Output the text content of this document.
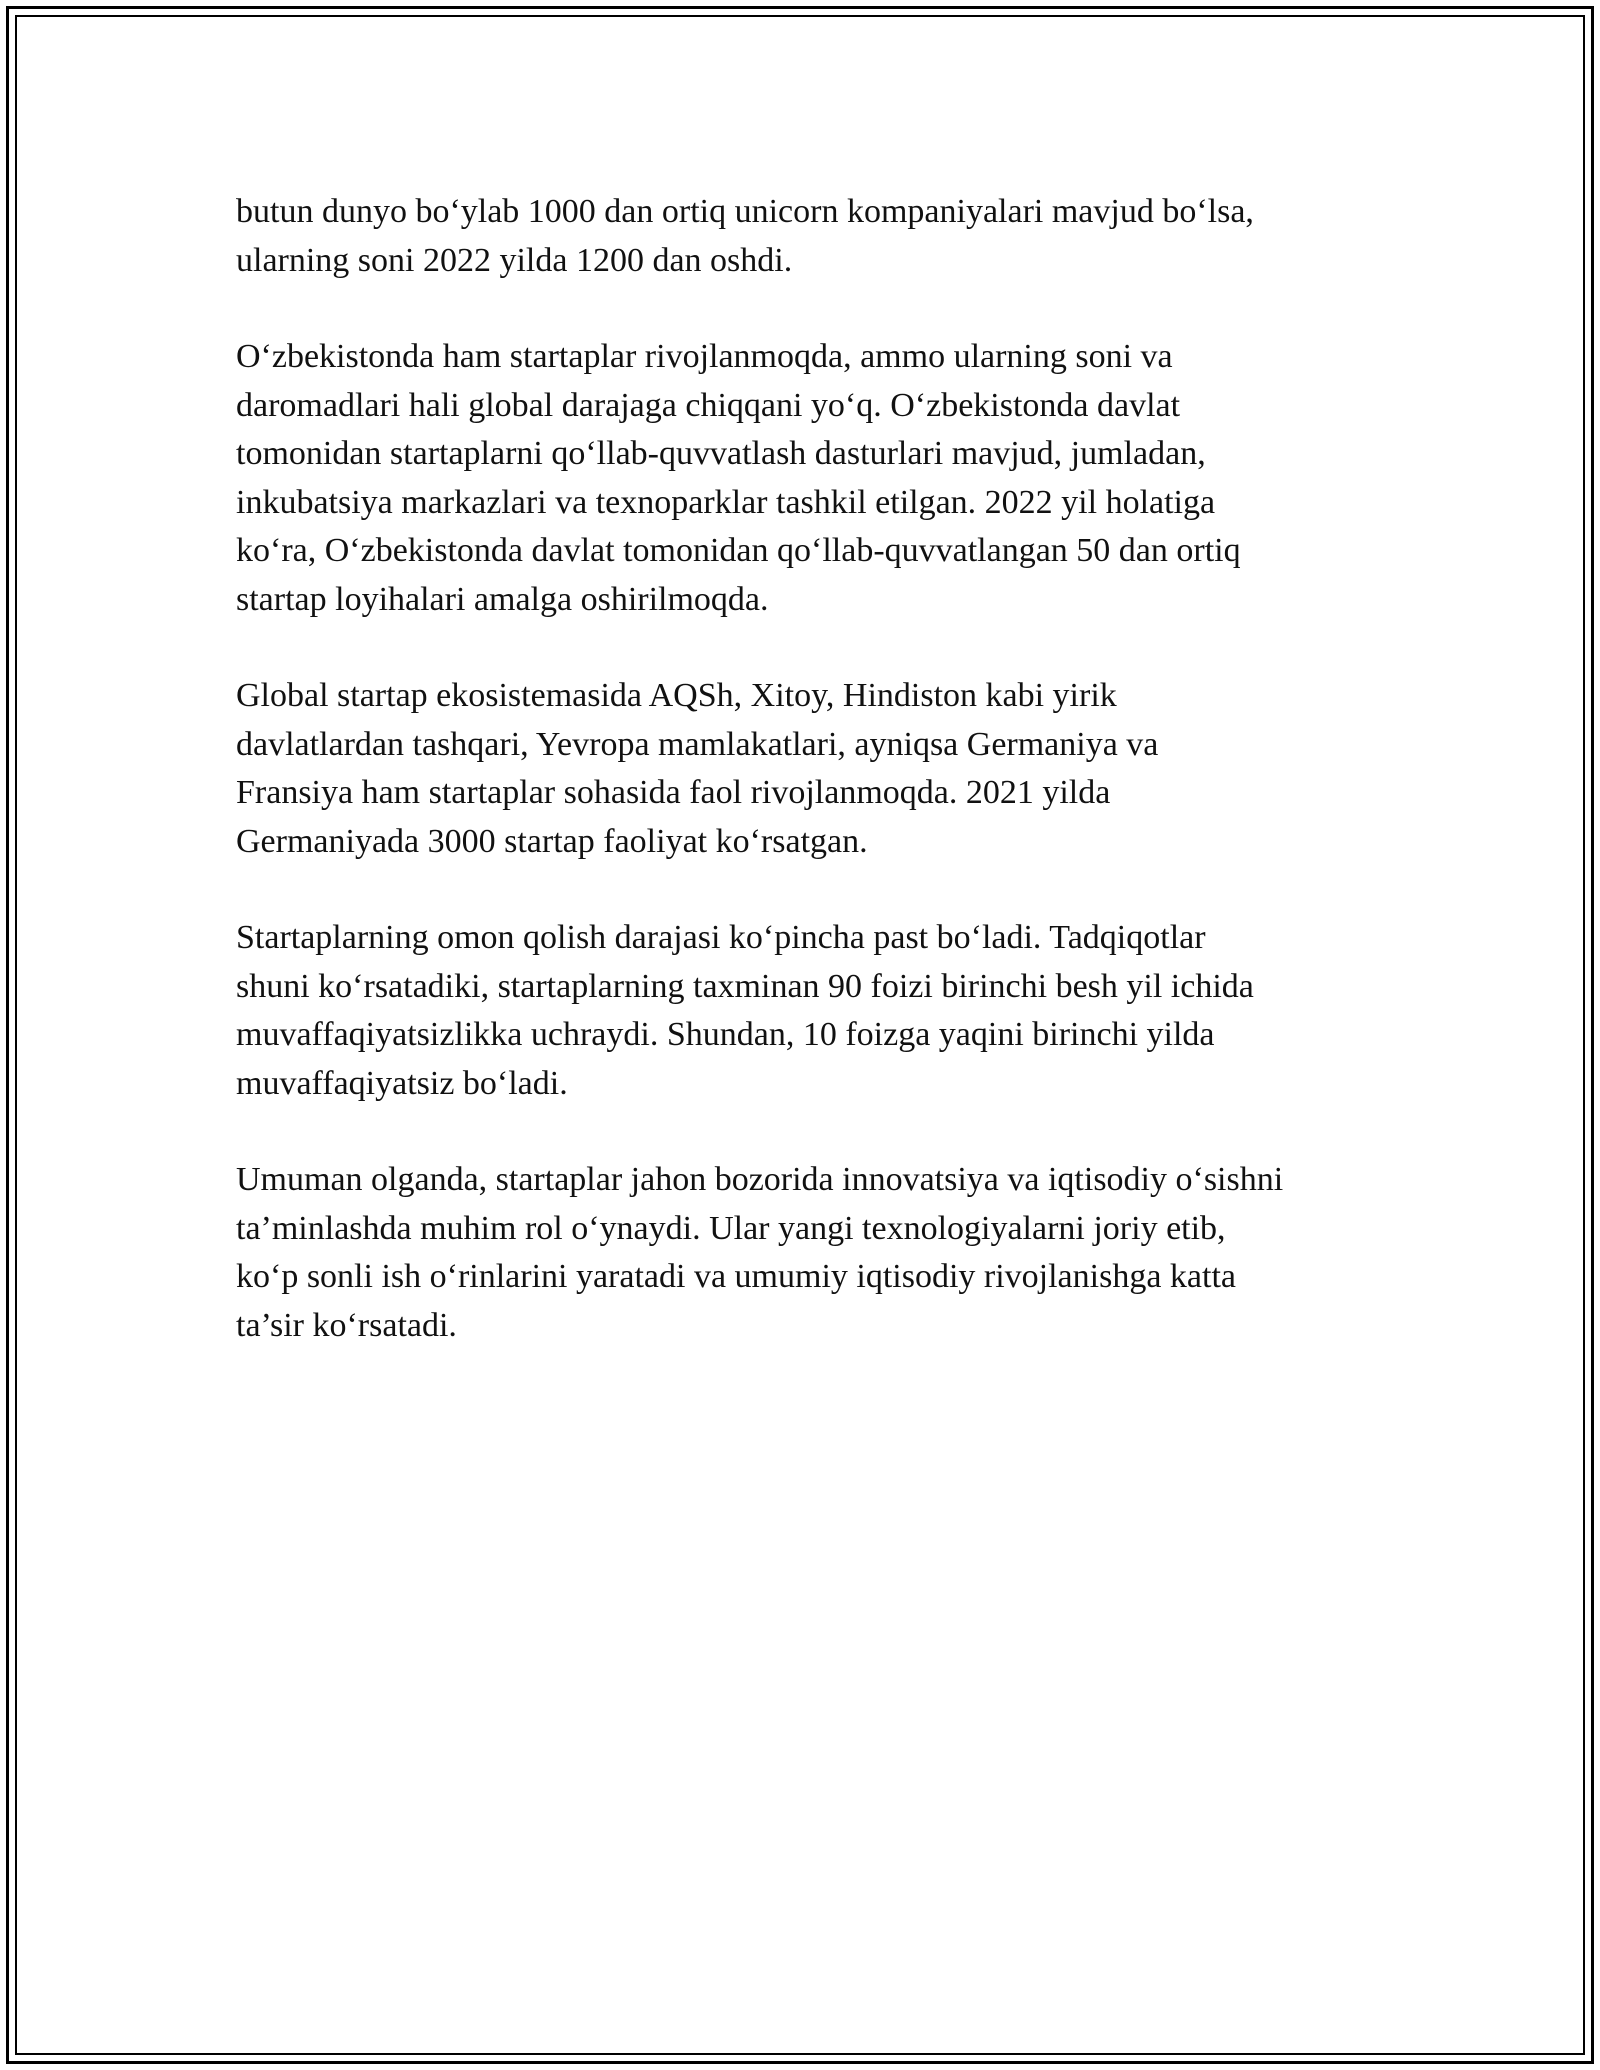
butun dunyo bo‘ylab 1000 dan ortiq unicorn kompaniyalari mavjud bo‘lsa,
ularning soni 2022 yilda 1200 dan oshdi.

O‘zbekistonda ham startaplar rivojlanmoqda, ammo ularning soni va
daromadlari hali global darajaga chiqqani yo‘q. O‘zbekistonda davlat
tomonidan startaplarni qo‘llab-quvvatlash dasturlari mavjud, jumladan,
inkubatsiya markazlari va texnoparklar tashkil etilgan. 2022 yil holatiga
ko‘ra, O‘zbekistonda davlat tomonidan qo‘llab-quvvatlangan 50 dan ortiq
startap loyihalari amalga oshirilmoqda.

Global startap ekosistemasida AQSh, Xitoy, Hindiston kabi yirik
davlatlardan tashqari, Yevropa mamlakatlari, ayniqsa Germaniya va
Fransiya ham startaplar sohasida faol rivojlanmoqda. 2021 yilda
Germaniyada 3000 startap faoliyat ko‘rsatgan.

Startaplarning omon qolish darajasi ko‘pincha past bo‘ladi. Tadqiqotlar
shuni ko‘rsatadiki, startaplarning taxminan 90 foizi birinchi besh yil ichida
muvaffaqiyatsizlikka uchraydi. Shundan, 10 foizga yaqini birinchi yilda
muvaffaqiyatsiz bo‘ladi.

Umuman olganda, startaplar jahon bozorida innovatsiya va iqtisodiy o‘sishni
ta’minlashda muhim rol o‘ynaydi. Ular yangi texnologiyalarni joriy etib,
ko‘p sonli ish o‘rinlarini yaratadi va umumiy iqtisodiy rivojlanishga katta
ta’sir ko‘rsatadi.
